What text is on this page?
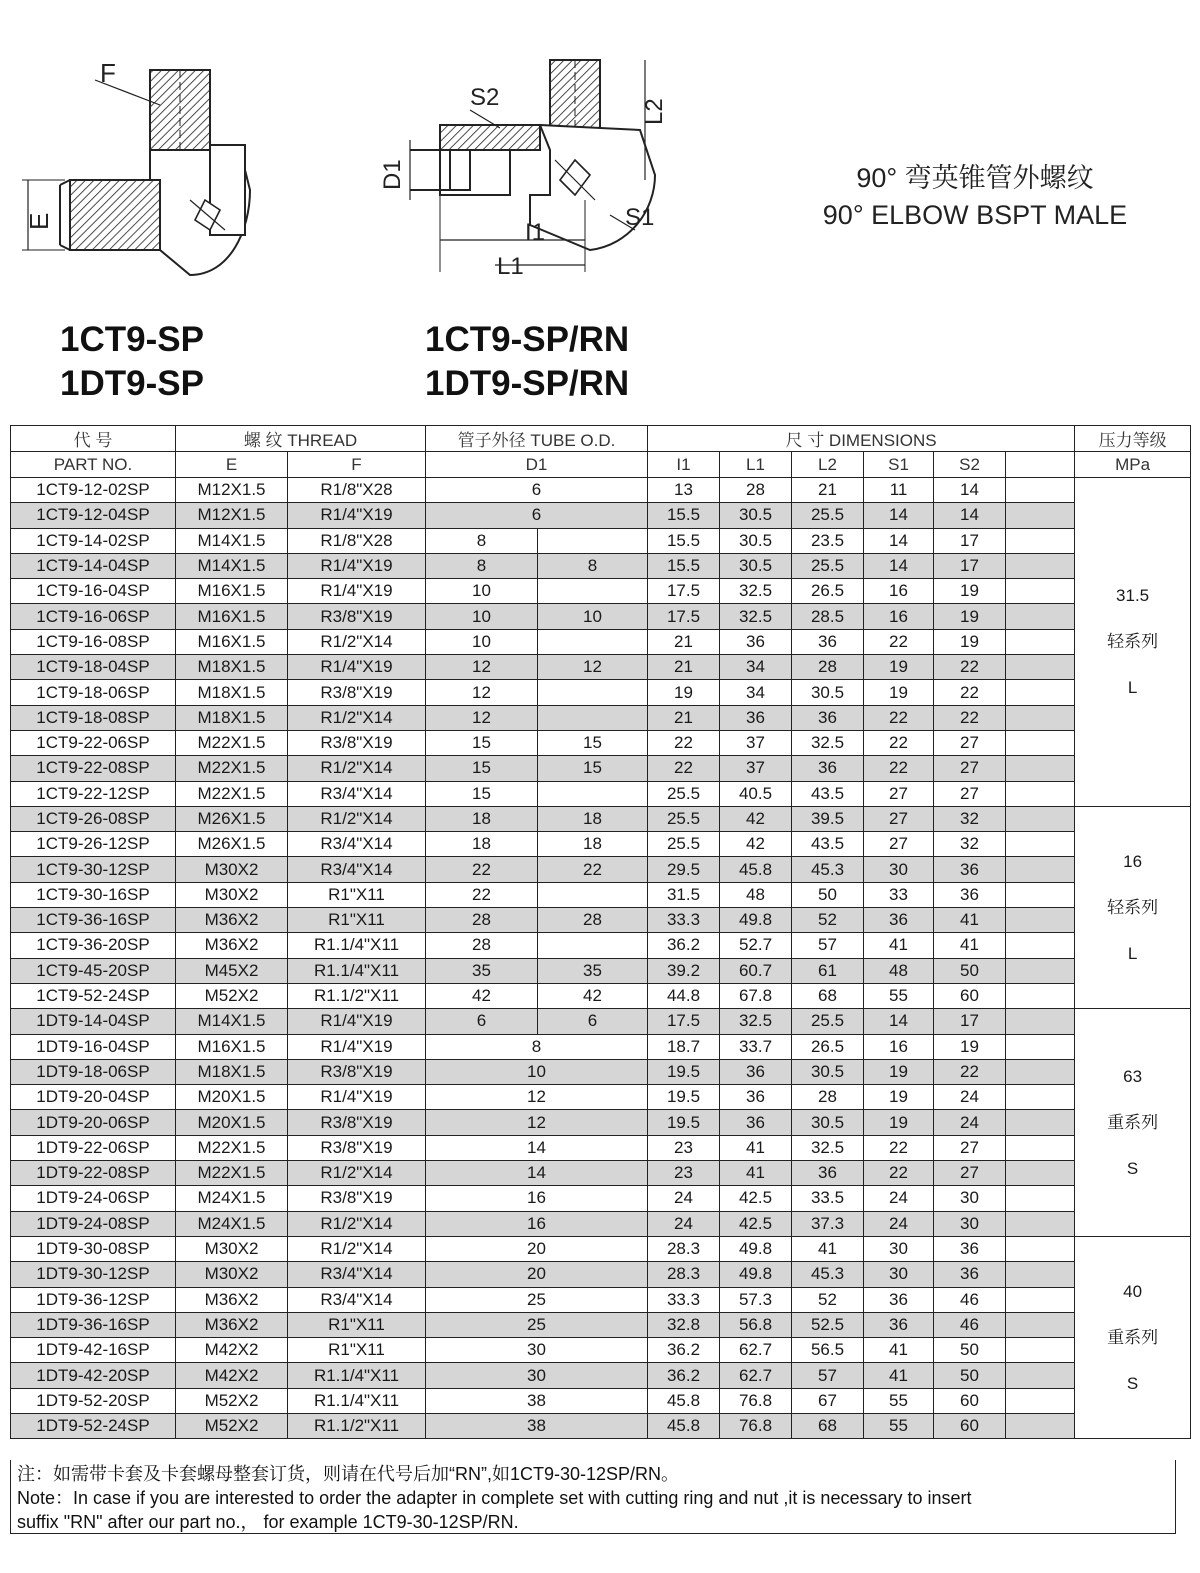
F
E
S2
L2
D1
S1
I1
L1
1CT9-SP
1DT9-SP
1CT9-SP/RN
1DT9-SP/RN
90° 弯英锥管外螺纹
90° ELBOW BSPT MALE
代 号	螺 纹 THREAD		管子外径 TUBE O.D.		尺 寸 DIMENSIONS						压力等级
PART NO.	E	F	D1		I1	L1	L2	S1	S2		MPa
1CT9-12-02SP	M12X1.5	R1/8"X28	6		13	28	21	11	14		31.5
轻系列
L

1CT9-12-04SP	M12X1.5	R1/4"X19	6		15.5	30.5	25.5	14	14		
1CT9-14-02SP	M14X1.5	R1/8"X28	8		15.5	30.5	23.5	14	17		
1CT9-14-04SP	M14X1.5	R1/4"X19	8	8	15.5	30.5	25.5	14	17		
1CT9-16-04SP	M16X1.5	R1/4"X19	10		17.5	32.5	26.5	16	19		
1CT9-16-06SP	M16X1.5	R3/8"X19	10	10	17.5	32.5	28.5	16	19		
1CT9-16-08SP	M16X1.5	R1/2"X14	10		21	36	36	22	19		
1CT9-18-04SP	M18X1.5	R1/4"X19	12	12	21	34	28	19	22		
1CT9-18-06SP	M18X1.5	R3/8"X19	12		19	34	30.5	19	22		
1CT9-18-08SP	M18X1.5	R1/2"X14	12		21	36	36	22	22		
1CT9-22-06SP	M22X1.5	R3/8"X19	15	15	22	37	32.5	22	27		
1CT9-22-08SP	M22X1.5	R1/2"X14	15	15	22	37	36	22	27		
1CT9-22-12SP	M22X1.5	R3/4"X14	15		25.5	40.5	43.5	27	27		
1CT9-26-08SP	M26X1.5	R1/2"X14	18	18	25.5	42	39.5	27	32		16
轻系列
L

1CT9-26-12SP	M26X1.5	R3/4"X14	18	18	25.5	42	43.5	27	32		
1CT9-30-12SP	M30X2	R3/4"X14	22	22	29.5	45.8	45.3	30	36		
1CT9-30-16SP	M30X2	R1"X11	22		31.5	48	50	33	36		
1CT9-36-16SP	M36X2	R1"X11	28	28	33.3	49.8	52	36	41		
1CT9-36-20SP	M36X2	R1.1/4"X11	28		36.2	52.7	57	41	41		
1CT9-45-20SP	M45X2	R1.1/4"X11	35	35	39.2	60.7	61	48	50		
1CT9-52-24SP	M52X2	R1.1/2"X11	42	42	44.8	67.8	68	55	60		
1DT9-14-04SP	M14X1.5	R1/4"X19	6	6	17.5	32.5	25.5	14	17		63
重系列
S

1DT9-16-04SP	M16X1.5	R1/4"X19	8		18.7	33.7	26.5	16	19		
1DT9-18-06SP	M18X1.5	R3/8"X19	10		19.5	36	30.5	19	22		
1DT9-20-04SP	M20X1.5	R1/4"X19	12		19.5	36	28	19	24		
1DT9-20-06SP	M20X1.5	R3/8"X19	12		19.5	36	30.5	19	24		
1DT9-22-06SP	M22X1.5	R3/8"X19	14		23	41	32.5	22	27		
1DT9-22-08SP	M22X1.5	R1/2"X14	14		23	41	36	22	27		
1DT9-24-06SP	M24X1.5	R3/8"X19	16		24	42.5	33.5	24	30		
1DT9-24-08SP	M24X1.5	R1/2"X14	16		24	42.5	37.3	24	30		
1DT9-30-08SP	M30X2	R1/2"X14	20		28.3	49.8	41	30	36		40
重系列
S

1DT9-30-12SP	M30X2	R3/4"X14	20		28.3	49.8	45.3	30	36		
1DT9-36-12SP	M36X2	R3/4"X14	25		33.3	57.3	52	36	46		
1DT9-36-16SP	M36X2	R1"X11	25		32.8	56.8	52.5	36	46		
1DT9-42-16SP	M42X2	R1"X11	30		36.2	62.7	56.5	41	50		
1DT9-42-20SP	M42X2	R1.1/4"X11	30		36.2	62.7	57	41	50		
1DT9-52-20SP	M52X2	R1.1/4"X11	38		45.8	76.8	67	55	60		
1DT9-52-24SP	M52X2	R1.1/2"X11	38		45.8	76.8	68	55	60		
注：如需带卡套及卡套螺母整套订货，则请在代号后加“RN”,如1CT9-30-12SP/RN。
Note：In case if you are interested to order the adapter in complete set with cutting ring and nut ,it is necessary to insert
suffix "RN" after our part no.， for example 1CT9-30-12SP/RN.
